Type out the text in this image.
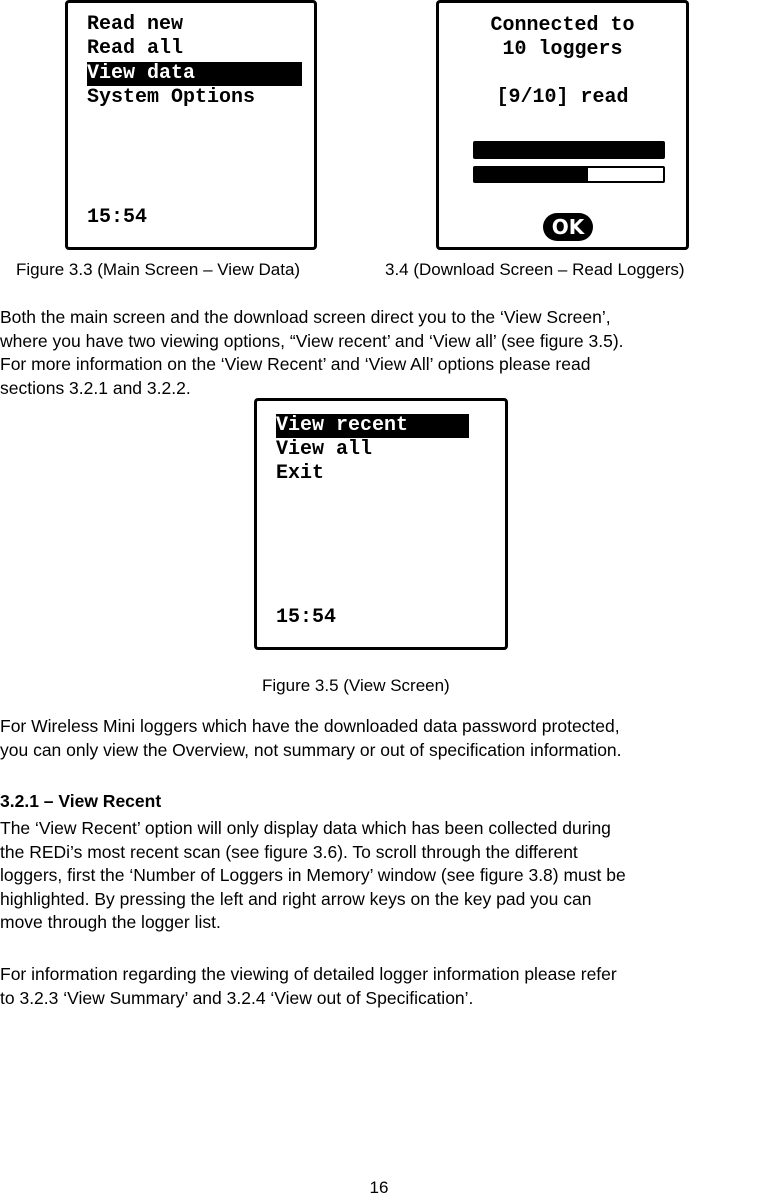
Read new
Read all
View data
System Options
15:54
Connected to
10 loggers
[9/10] read
OK
Figure 3.3 (Main Screen – View Data)	3.4 (Download Screen – Read Loggers)
Both the main screen and the download screen direct you to the ‘View Screen’,
where you have two viewing options, “View recent’ and ‘View all’ (see figure 3.5).
For more information on the ‘View Recent’ and ‘View All’ options please read
sections 3.2.1 and 3.2.2.
View recent
View all
Exit
15:54
Figure 3.5 (View Screen)
For Wireless Mini loggers which have the downloaded data password protected,
you can only view the Overview, not summary or out of specification information.
3.2.1 – View Recent
The ‘View Recent’ option will only display data which has been collected during
the REDi’s most recent scan (see figure 3.6). To scroll through the different
loggers, first the ‘Number of Loggers in Memory’ window (see figure 3.8) must be
highlighted. By pressing the left and right arrow keys on the key pad you can
move through the logger list.
For information regarding the viewing of detailed logger information please refer
to 3.2.3 ‘View Summary’ and 3.2.4 ‘View out of Specification’.
16
